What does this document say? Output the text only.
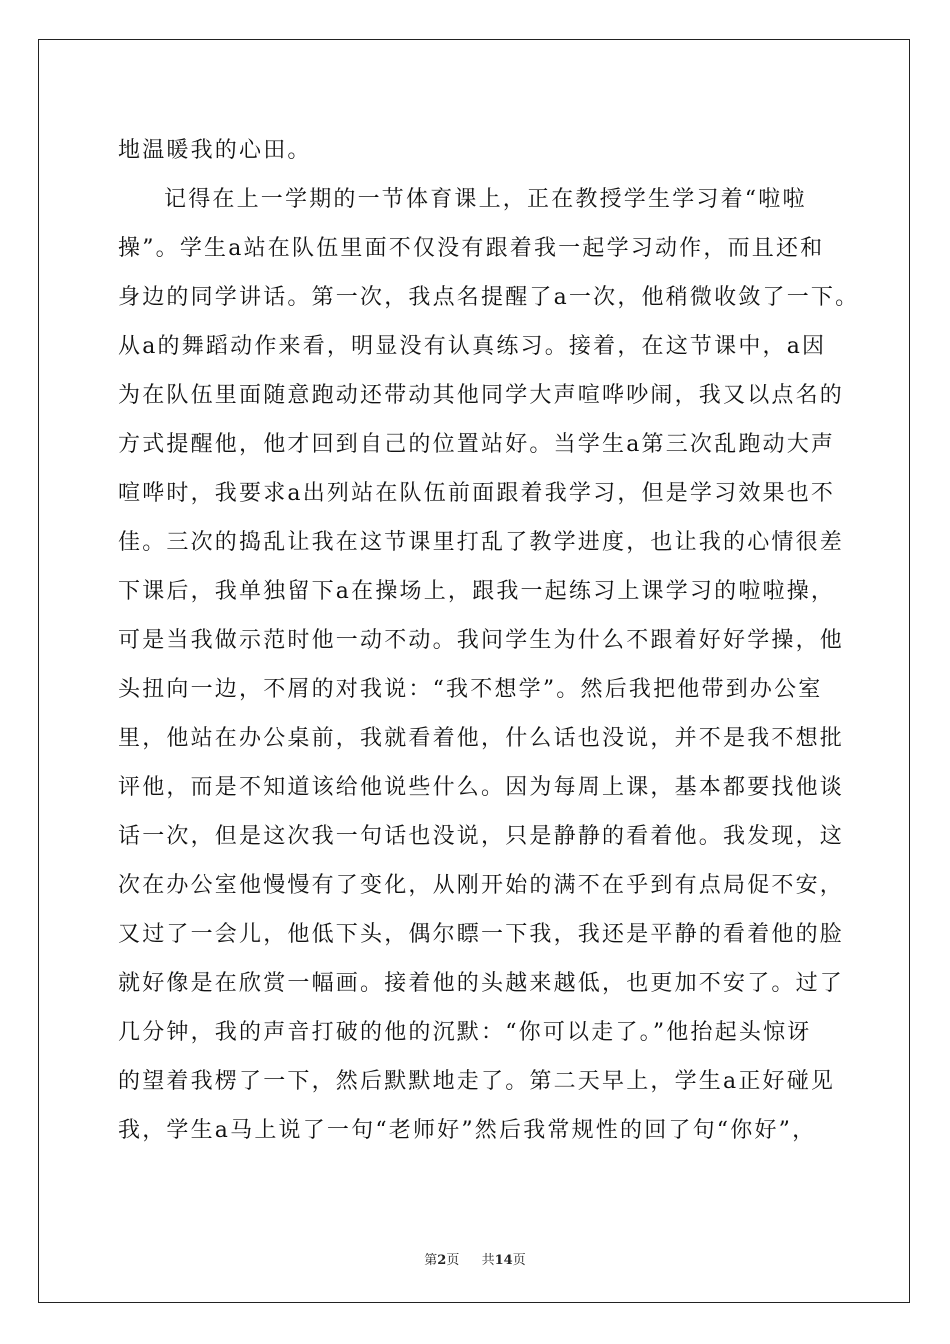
地温暖我的心田。
记得在上一学期的一节体育课上，正在教授学生学习着“啦啦
操”。学生a站在队伍里面不仅没有跟着我一起学习动作，而且还和
身边的同学讲话。第一次，我点名提醒了a一次，他稍微收敛了一下。
从a的舞蹈动作来看，明显没有认真练习。接着，在这节课中，a因
为在队伍里面随意跑动还带动其他同学大声喧哗吵闹，我又以点名的
方式提醒他，他才回到自己的位置站好。当学生a第三次乱跑动大声
喧哗时，我要求a出列站在队伍前面跟着我学习，但是学习效果也不
佳。三次的捣乱让我在这节课里打乱了教学进度，也让我的心情很差
下课后，我单独留下a在操场上，跟我一起练习上课学习的啦啦操，
可是当我做示范时他一动不动。我问学生为什么不跟着好好学操，他
头扭向一边，不屑的对我说：“我不想学”。然后我把他带到办公室
里，他站在办公桌前，我就看着他，什么话也没说，并不是我不想批
评他，而是不知道该给他说些什么。因为每周上课，基本都要找他谈
话一次，但是这次我一句话也没说，只是静静的看着他。我发现，这
次在办公室他慢慢有了变化，从刚开始的满不在乎到有点局促不安，
又过了一会儿，他低下头，偶尔瞟一下我，我还是平静的看着他的脸
就好像是在欣赏一幅画。接着他的头越来越低，也更加不安了。过了
几分钟，我的声音打破的他的沉默：“你可以走了。”他抬起头惊讶
的望着我楞了一下，然后默默地走了。第二天早上，学生a正好碰见
我，学生a马上说了一句“老师好”然后我常规性的回了句“你好”，
第2页 共14页
